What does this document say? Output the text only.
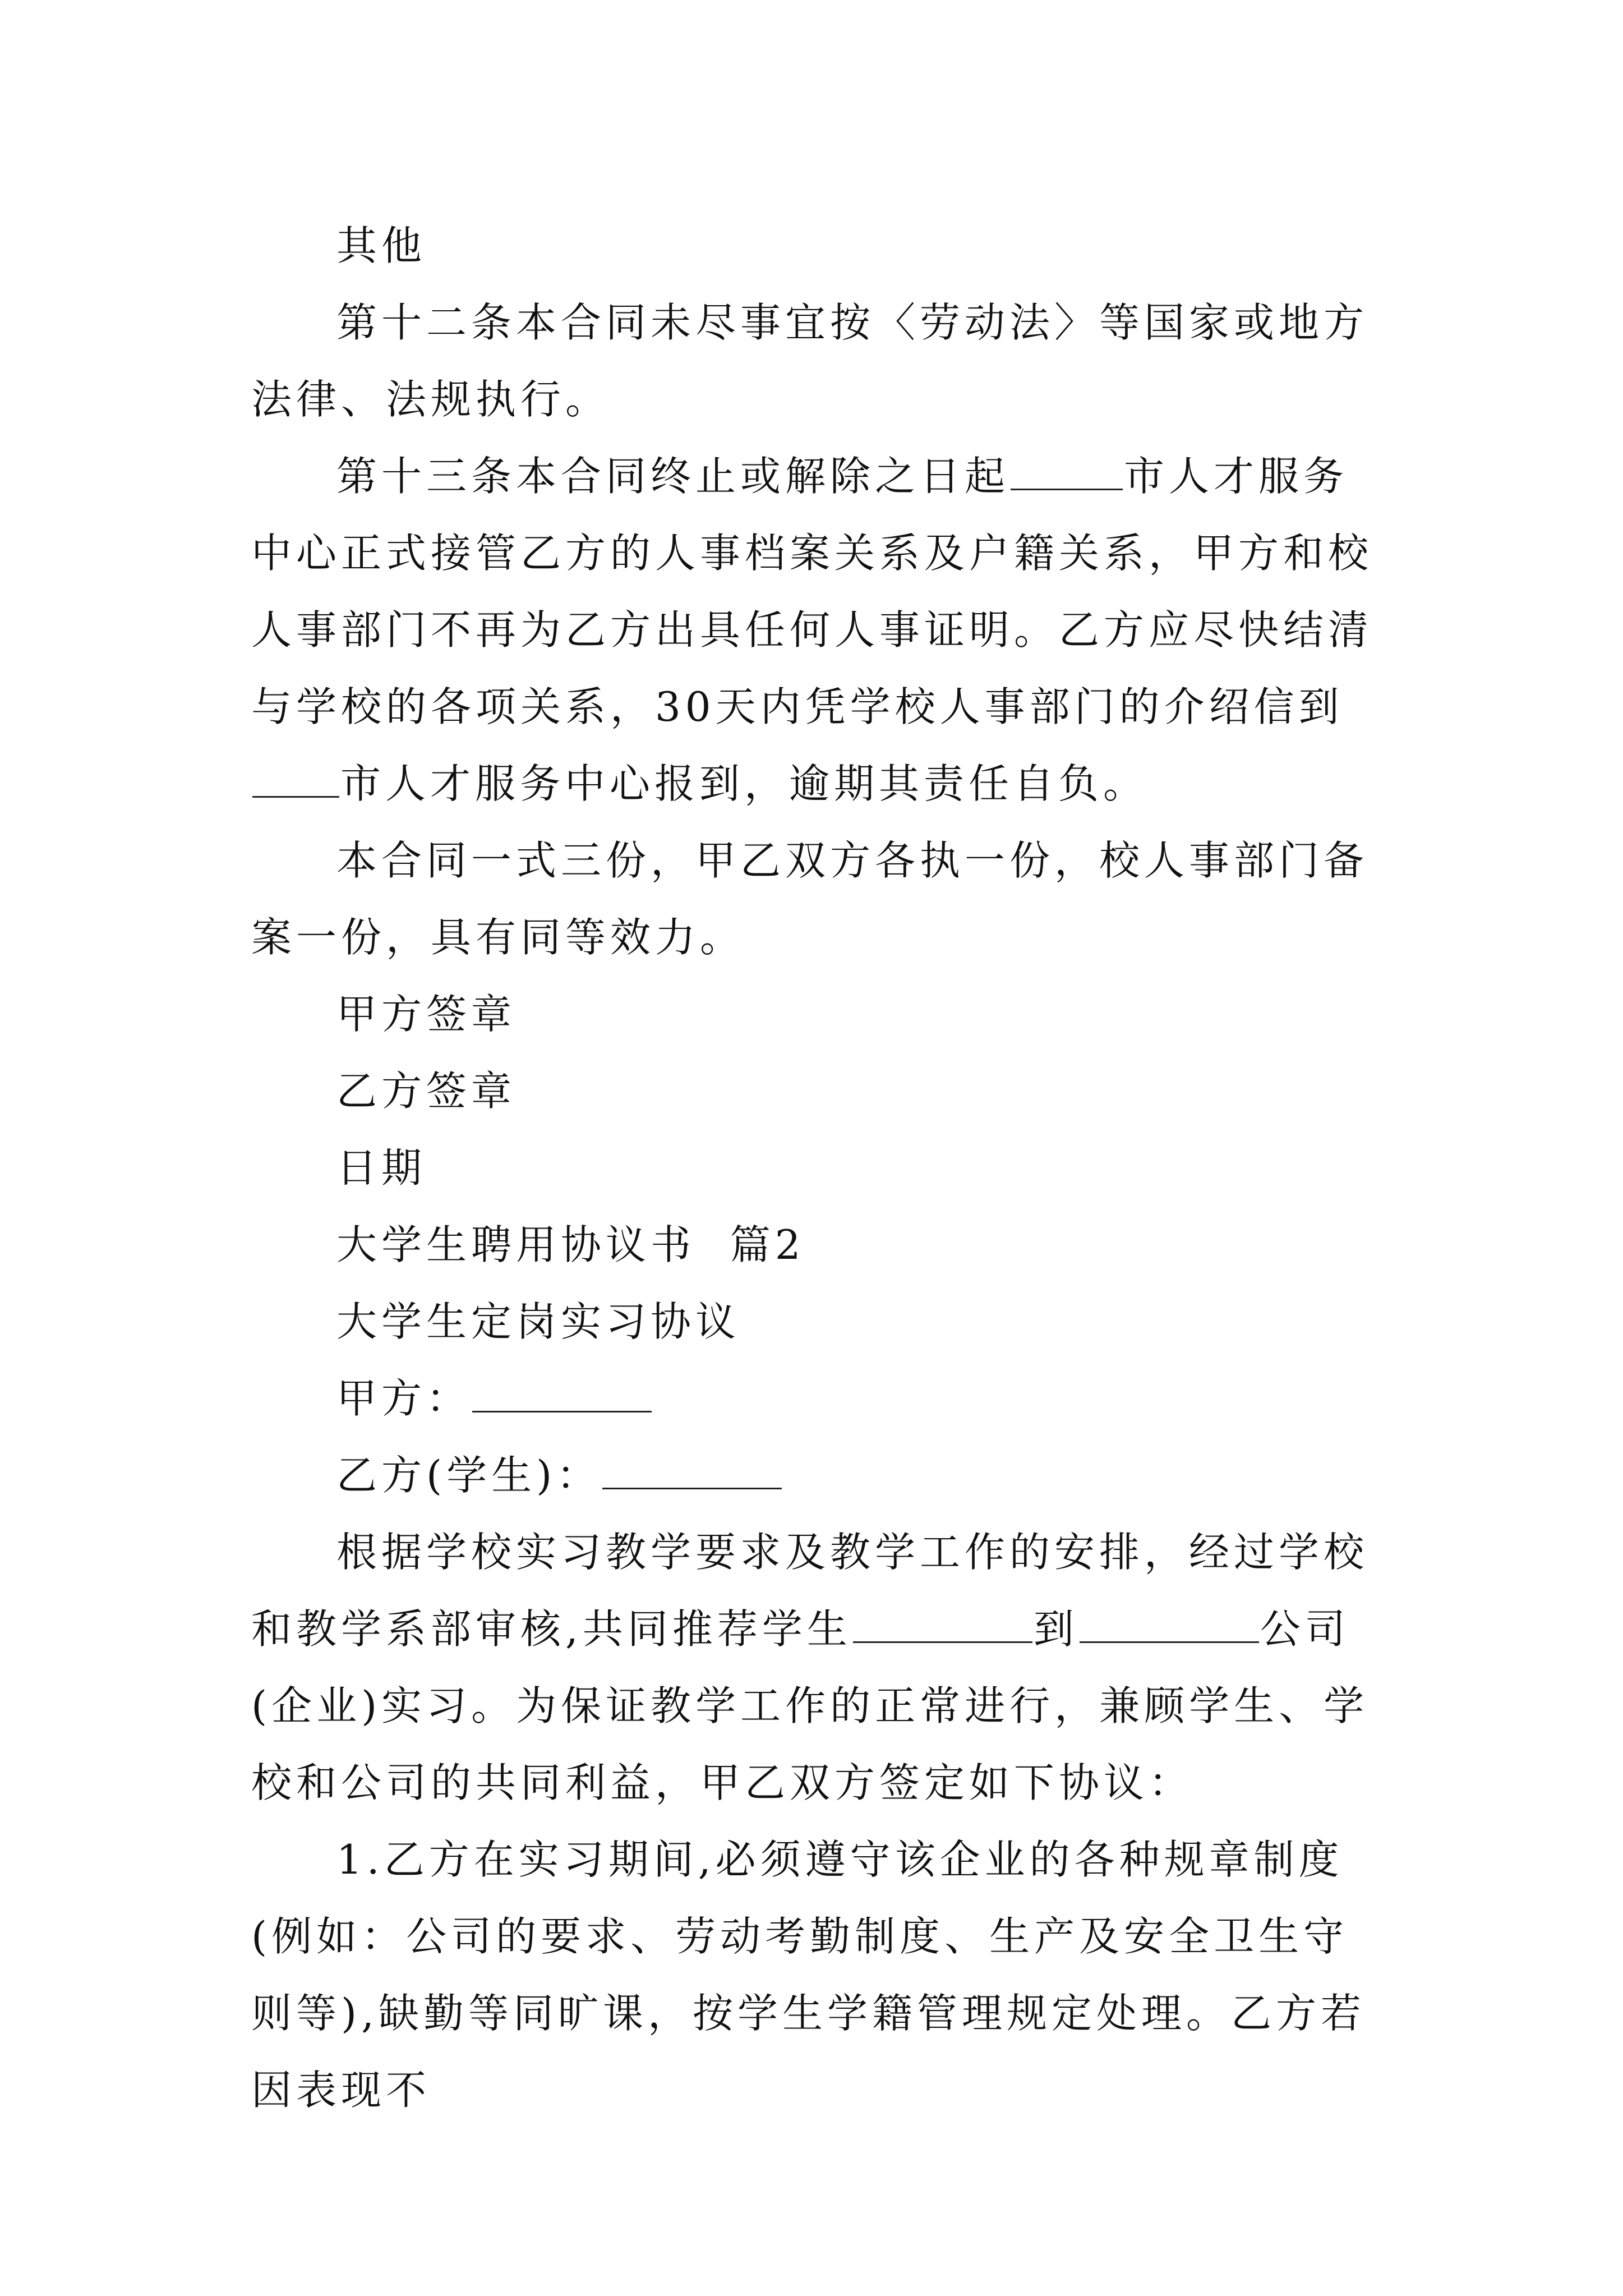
其他

第十二条本合同未尽事宜按〈劳动法〉等国家或地方法律、法规执行。

第十三条本合同终止或解除之日起	市人才服务中心正式接管乙方的人事档案关系及户籍关系，甲方和校人事部门不再为乙方出具任何人事证明。乙方应尽快结清与学校的各项关系，30天内凭学校人事部门的介绍信到市人才服务中心报到，逾期其责任自负。

本合同一式三份，甲乙双方各执一份，校人事部门备案一份，具有同等效力。

甲方签章

乙方签章

日期

大学生聘用协议书  篇2

大学生定岗实习协议

甲方：

乙方(学生)：

根据学校实习教学要求及教学工作的安排，经过学校和教学系部审核,共同推荐学生	到	公司(企业)实习。为保证教学工作的正常进行，兼顾学生、学校和公司的共同利益，甲乙双方签定如下协议：

1.乙方在实习期间,必须遵守该企业的各种规章制度(例如：公司的要求、劳动考勤制度、生产及安全卫生守则等),缺勤等同旷课，按学生学籍管理规定处理。乙方若因表现不
